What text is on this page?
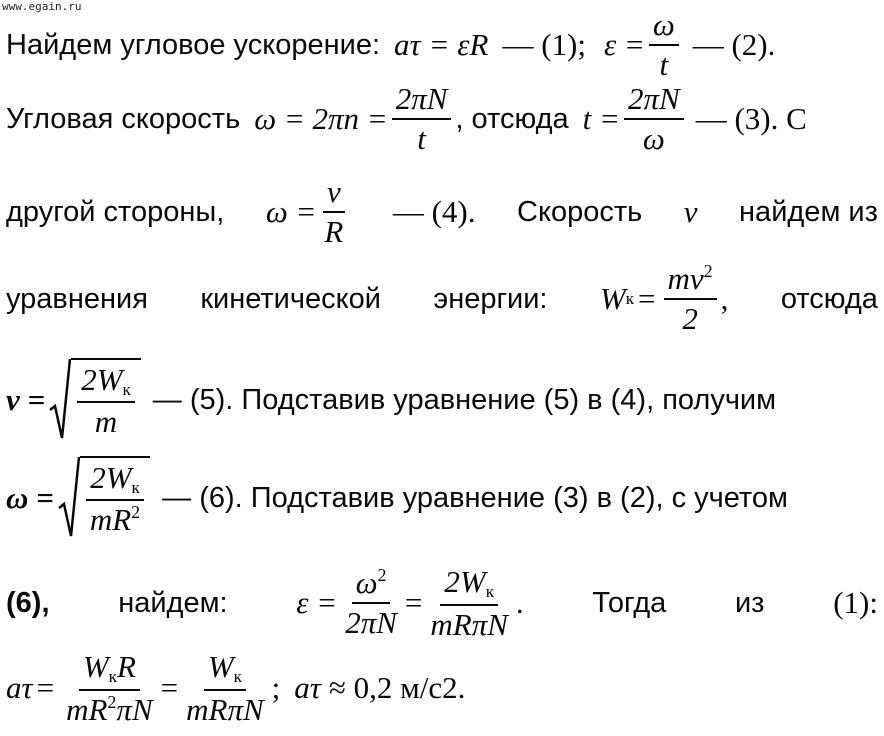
www.egain.ru
Найдем угловое ускорение: a τ = εR — (1); $\varepsilon = \frac{\omega}{t}$ — (2).
Угловая скорость $\omega = 2\pi n = \frac{2\pi N}{t}$ , отсюда $t = \frac{2\pi N}{\omega}$ — (3). С
другой стороны, $\omega = \frac{v}{R}$ — (4). Скорость v найдем из
уравнения кинетической энергии: W $к = \frac{mv^2}{2}$ , отсюда
$v = \frac{2W_к}{m}$ — (5). Подставив уравнение (5) в (4), получим
$\omega = \frac{2W_к}{mR^2}$ — (6). Подставив уравнение (3) в (2), с учетом
(6), найдем: $\varepsilon = \frac{\omega^2}{2\pi N} = \frac{2W_к}{\text{mRπN}}$ . Тогда из (1):
a $\tau = \frac{W_кR}{mR^2\pi N} = \frac{W_к}{\text{mRπN}}$ ; a τ ≈ 0,2 м/с 2 .
